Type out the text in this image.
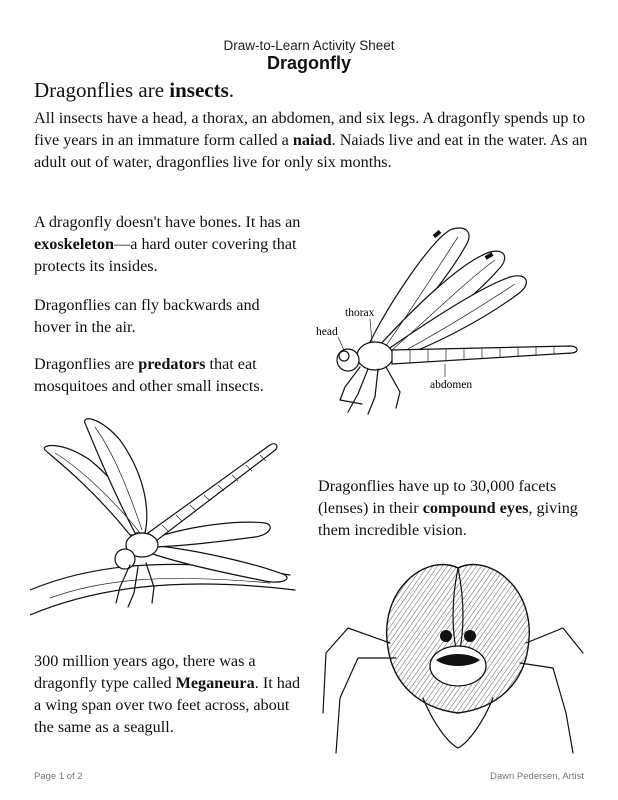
Draw-to-Learn Activity Sheet
Dragonfly
Dragonflies are insects.
All insects have a head, a thorax, an abdomen, and six legs. A dragonfly spends up to five years in an immature form called a naiad. Naiads live and eat in the water. As an adult out of water, dragonflies live for only six months.
A dragonfly doesn't have bones. It has an exoskeleton—a hard outer covering that protects its insides.
Dragonflies can fly backwards and hover in the air.
Dragonflies are predators that eat mosquitoes and other small insects.
Dragonflies have up to 30,000 facets (lenses) in their compound eyes, giving them incredible vision.
300 million years ago, there was a dragonfly type called Meganeura. It had a wing span over two feet across, about the same as a seagull.
head
thorax
abdomen
Page 1 of 2	Dawn Pedersen, Artist
